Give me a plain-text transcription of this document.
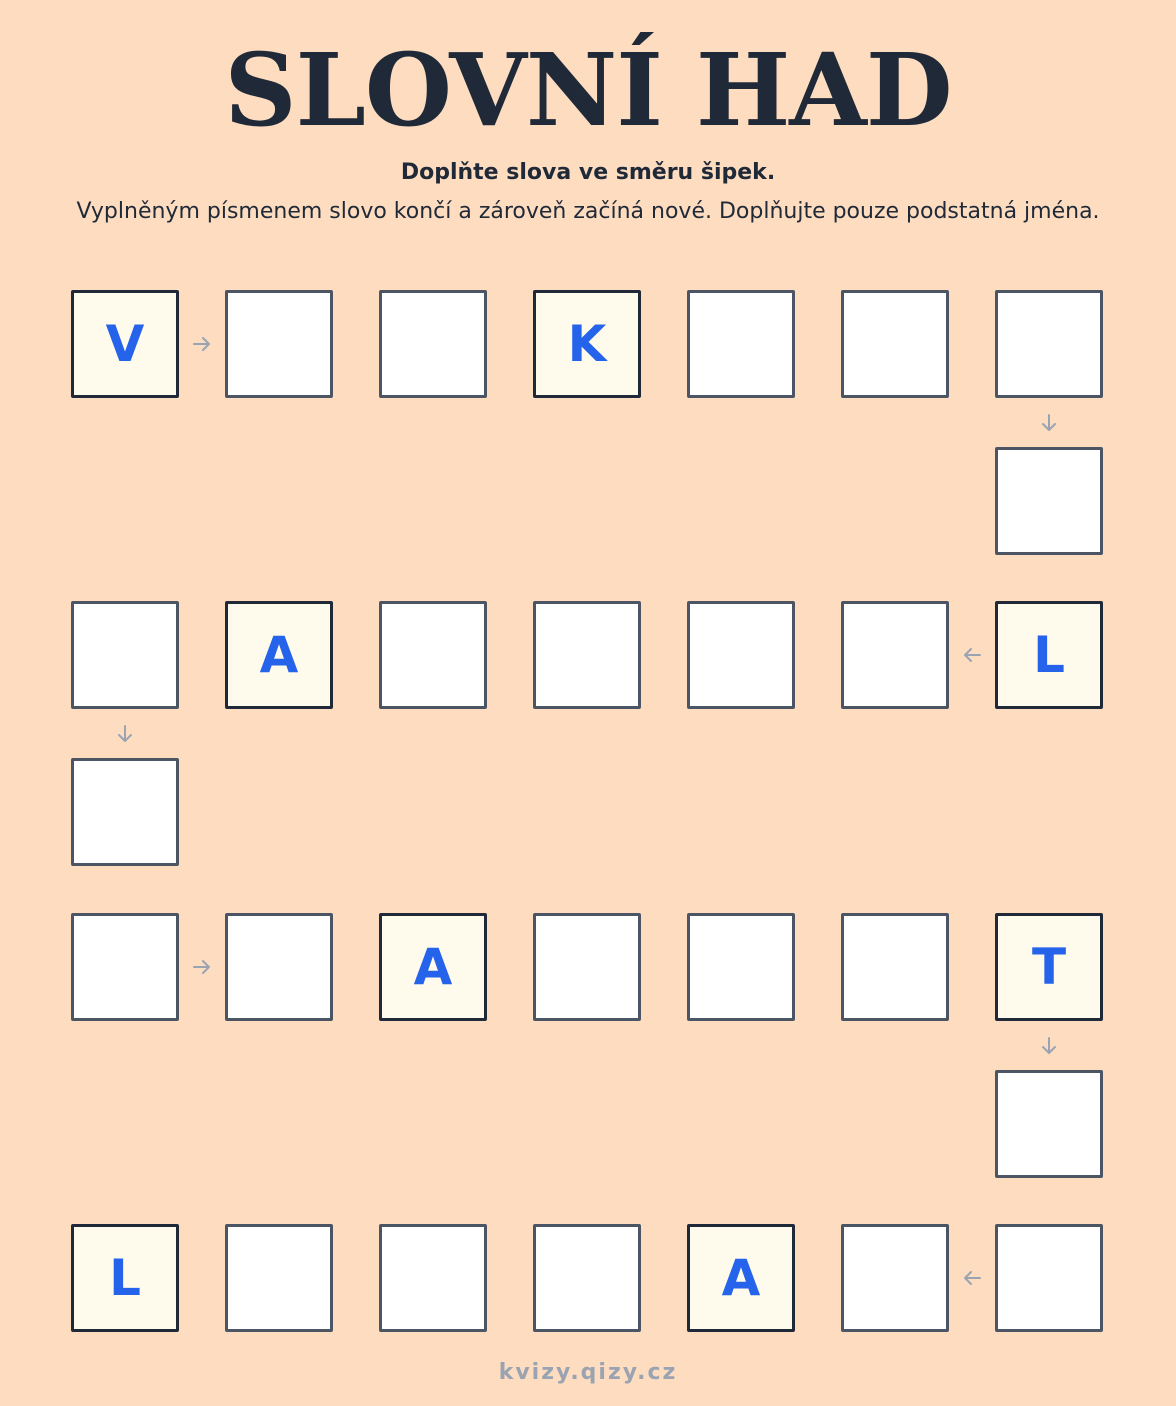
SLOVNÍ HAD
Doplňte slova ve směru šipek.
Vyplněným písmenem slovo končí a zároveň začíná nové. Doplňujte pouze podstatná jména.
V	K
A	L
A	T
L	A
kvizy.qizy.cz
